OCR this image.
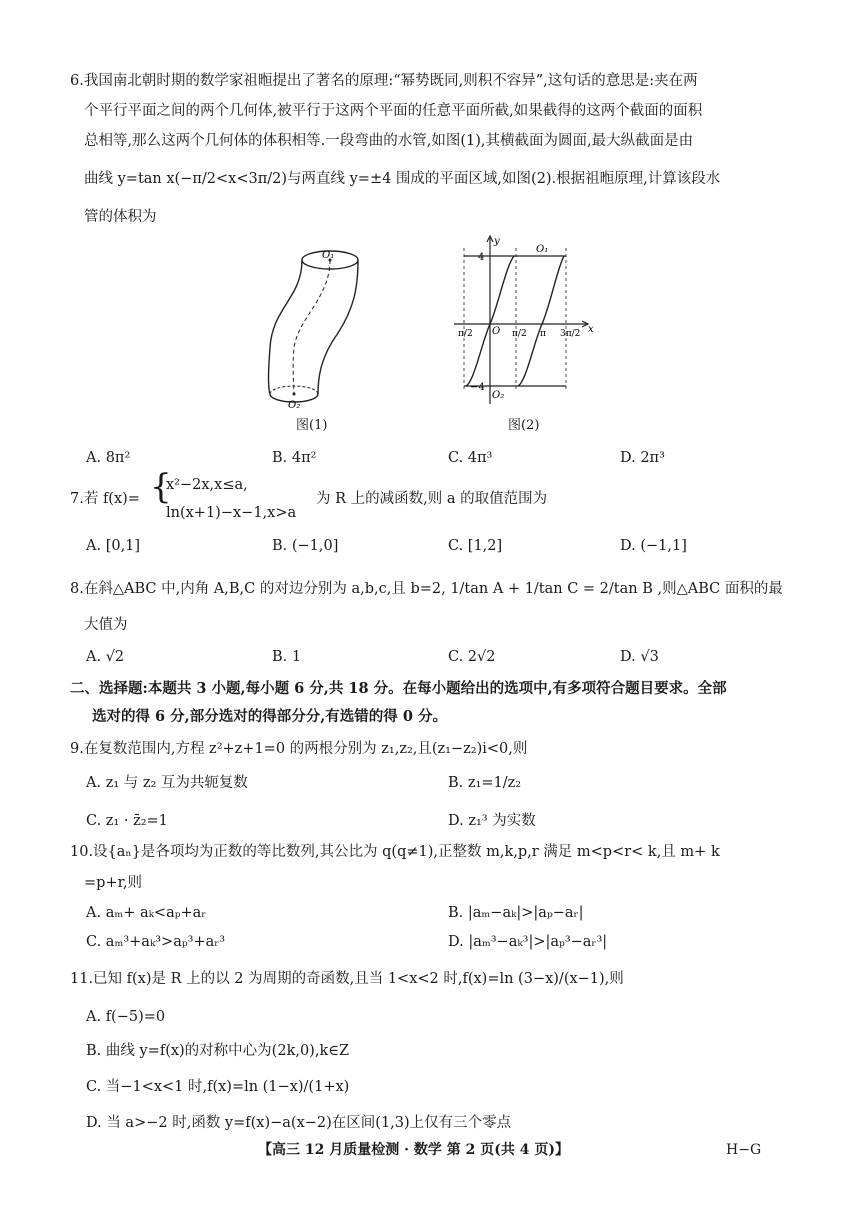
6.我国南北朝时期的数学家祖暅提出了著名的原理:“幂势既同,则积不容异”,这句话的意思是:夹在两
个平行平面之间的两个几何体,被平行于这两个平面的任意平面所截,如果截得的这两个截面的面积
总相等,那么这两个几何体的体积相等.一段弯曲的水管,如图(1),其横截面为圆面,最大纵截面是由
曲线 y=tan x(−π/2<x<3π/2)与两直线 y=±4 围成的平面区域,如图(2).根据祖暅原理,计算该段水
管的体积为
O₁
O₂
图(1)
y
x
O₁
O₂
O
4
−4
π/2	π/2 π 3π/2
图(2)
A. 8π²	B. 4π²	C. 4π³	D. 2π³
7.若 f(x)= {
x²−2x,x≤a,
ln(x+1)−x−1,x>a
为 R 上的减函数,则 a 的取值范围为
A. [0,1]	B. (−1,0]	C. [1,2]	D. (−1,1]
8.在斜△ABC 中,内角 A,B,C 的对边分别为 a,b,c,且 b=2, 1/tan A + 1/tan C = 2/tan B ,则△ABC 面积的最
大值为
A. √2	B. 1	C. 2√2	D. √3
二、选择题:本题共 3 小题,每小题 6 分,共 18 分。在每小题给出的选项中,有多项符合题目要求。全部
选对的得 6 分,部分选对的得部分分,有选错的得 0 分。
9.在复数范围内,方程 z²+z+1=0 的两根分别为 z₁,z₂,且(z₁−z₂)i<0,则
A. z₁ 与 z₂ 互为共轭复数	B. z₁=1/z₂
C. z₁ · z̄₂=1	D. z₁³ 为实数
10.设{aₙ}是各项均为正数的等比数列,其公比为 q(q≠1),正整数 m,k,p,r 满足 m<p<r< k,且 m+ k
=p+r,则
A. aₘ+ aₖ<aₚ+aᵣ	B. |aₘ−aₖ|>|aₚ−aᵣ|
C. aₘ³+aₖ³>aₚ³+aᵣ³	D. |aₘ³−aₖ³|>|aₚ³−aᵣ³|
11.已知 f(x)是 R 上的以 2 为周期的奇函数,且当 1<x<2 时,f(x)=ln (3−x)/(x−1),则
A. f(−5)=0
B. 曲线 y=f(x)的对称中心为(2k,0),k∈Z
C. 当−1<x<1 时,f(x)=ln (1−x)/(1+x)
D. 当 a>−2 时,函数 y=f(x)−a(x−2)在区间(1,3)上仅有三个零点
【高三 12 月质量检测 · 数学 第 2 页(共 4 页)】	H−G
